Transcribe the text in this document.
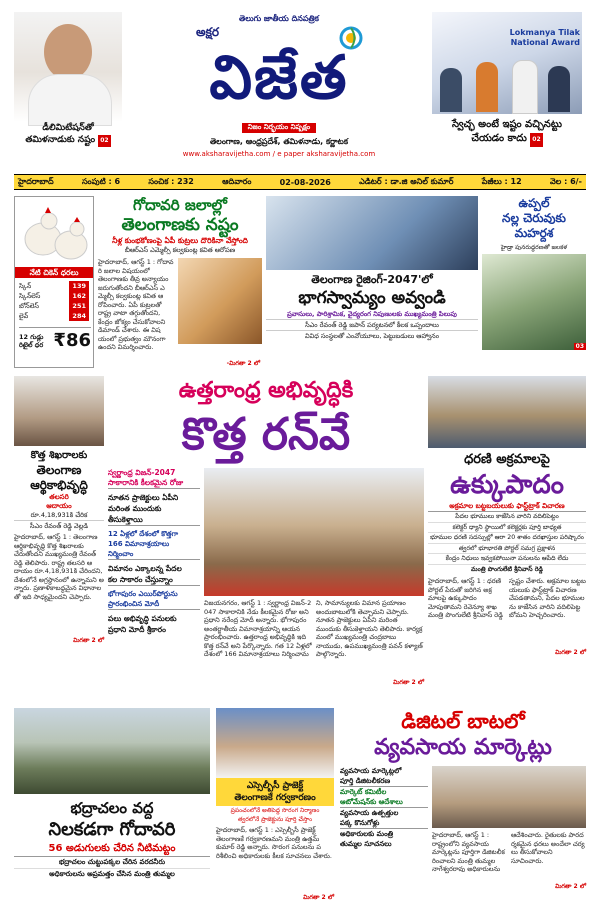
డీలిమిటేషన్‌తో
తమిళనాడుకు నష్టం 02
తెలుగు జాతీయ దినపత్రిక
అక్షర
విజేత
నిజం నిర్భయం నిష్పక్షం
తెలంగాణ, ఆంధ్రప్రదేశ్, తమిళనాడు, కర్ణాటక
www.aksharavijetha.com / e paper aksharavijetha.com
Lokmanya Tilak National Award
స్వేచ్ఛ అంటే ఇష్టం వచ్చినట్టు
చేయడం కాదు 02
హైదరాబాద్	సంపుటి : 6	సంచిక : 232	ఆదివారం	02-08-2026	ఎడిటర్ : డా.జి అనిల్ కుమార్	పేజీలు : 12	వెల : 6/-
నేటి చికెన్ ధరలు
స్కిన్	139
స్కిన్‌లెస్	162
బోన్‌లెస్	251
లైవ్	284
12 గుడ్లు
రిటైల్ ధర ₹86
గోదావరి జలాల్లో
తెలంగాణకు నష్టం
నీళ్ల కుంభకోణంపై ఏపీ కుట్రలు దొరికినా వేస్తోంది
బీఆర్ఎస్ ఎమ్మెల్సీ కల్వకుంట్ల కవిత ఆరోపణ
హైదరాబాద్, ఆగస్ట్ 1 : గోదావరి జలాల విషయంలో తెలంగాణకు తీవ్ర అన్యాయం జరుగుతోందని బీఆర్ఎస్ ఎమ్మెల్సీ కల్వకుంట్ల కవిత ఆరోపించారు. ఏపీ కుట్రలతో రాష్ట్ర వాటా తగ్గుతోందని, కేంద్రం జోక్యం చేసుకోవాలని డిమాండ్ చేశారు. ఈ విషయంలో ప్రభుత్వం మౌనంగా ఉందని విమర్శించారు.
-మిగతా 2 లో
తెలంగాణ రైజింగ్-2047'లో
భాగస్వామ్యం అవ్వండి
ప్రవాసులు, పారిశ్రామిక, వైద్యరంగ నిపుణులకు ముఖ్యమంత్రి పిలుపు
సీఎం రేవంత్ రెడ్డి జపాన్ పర్యటనలో కీలక ఒప్పందాలు
వివిధ సంస్థలతో ఎంవోయూలు, పెట్టుబడులు ఆహ్వానం
ఉప్పల్
నల్ల చెరువుకు
మహర్దశ
హైడ్రా పునరుద్ధరణతో జలకళ
03
కొత్త శిఖరాలకు
తెలంగాణ
ఆర్థికాభివృద్ధి
తలసరి
ఆదాయం
రూ.4,18,931కి చేరిక
సీఎం రేవంత్ రెడ్డి వెల్లడి
హైదరాబాద్, ఆగస్ట్ 1 : తెలంగాణ ఆర్థికాభివృద్ధి కొత్త శిఖరాలకు చేరుతోందని ముఖ్యమంత్రి రేవంత్ రెడ్డి తెలిపారు. రాష్ట్ర తలసరి ఆదాయం రూ.4,18,931కి చేరిందని, దేశంలోనే అగ్రస్థానంలో ఉన్నామని అన్నారు. ప్రణాళికాబద్ధమైన విధానాలతో ఇది సాధ్యమైందని చెప్పారు.
మిగతా 2 లో
ఉత్తరాంధ్ర అభివృద్ధికి
కొత్త రన్‌వే
స్వర్ణాంధ్ర విజన్-2047
సాకారానికి కీలకమైన రోజు
నూతన ప్రాజెక్టులు ఏపీని
మరింత ముందుకు
తీసుకెళ్తాయి
12 ఏళ్లలో దేశంలో కొత్తగా
166 విమానాశ్రయాలు
నిర్మించాం
విమానం ఎక్కాలన్న పేదల
కల సాకారం చేస్తున్నాం
భోగాపురం ఎయిర్‌పోర్టును
ప్రారంభించిన మోదీ
పలు అభివృద్ధి పనులకు
ప్రధాని మోదీ శ్రీకారం
విజయనగరం, ఆగస్ట్ 1 : స్వర్ణాంధ్ర విజన్-2047 సాకారానికి నేడు కీలకమైన రోజు అని ప్రధాని నరేంద్ర మోదీ అన్నారు. భోగాపురం అంతర్జాతీయ విమానాశ్రయాన్ని ఆయన ప్రారంభించారు. ఉత్తరాంధ్ర అభివృద్ధికి ఇది కొత్త రన్‌వే అని పేర్కొన్నారు. గత 12 ఏళ్లలో దేశంలో 166 విమానాశ్రయాలు నిర్మించామని, సామాన్యులకు విమాన ప్రయాణం అందుబాటులోకి తెచ్చామని చెప్పారు. నూతన ప్రాజెక్టులు ఏపీని మరింత ముందుకు తీసుకెళ్తాయని తెలిపారు. కార్యక్రమంలో ముఖ్యమంత్రి చంద్రబాబు నాయుడు, ఉపముఖ్యమంత్రి పవన్ కళ్యాణ్ పాల్గొన్నారు.
మిగతా 2 లో
ధరణి అక్రమాలపై
ఉక్కుపాదం
అక్రమాల బట్టబయలుకు ఫాస్ట్‌ట్రాక్ విచారణ
పేదల భూములు కాజేసిన వారిని వదిలిపెట్టం
కలెక్టర్ ధ్యాని స్థాయిలో కలెక్టర్లకు పూర్తి బాధ్యత
భూముల ధరణి సదస్సుల్లో ఆరా 20 శాతం దరఖాస్తుల పరిష్కారం
త్వరలో భూభారతి పోర్టల్ సమగ్ర ప్రక్షాళన
కేంద్రం నిధులు ఇవ్వకపోయినా పనులను ఆపేది లేదు
మంత్రి పొంగులేటి శ్రీనివాస్ రెడ్డి
హైదరాబాద్, ఆగస్ట్ 1 : ధరణి పోర్టల్ పేరుతో జరిగిన అక్రమాలపై ఉక్కుపాదం మోపుతామని రెవెన్యూ శాఖ మంత్రి పొంగులేటి శ్రీనివాస్ రెడ్డి స్పష్టం చేశారు. అక్రమాల బట్టబయలుకు ఫాస్ట్‌ట్రాక్ విచారణ చేపడతామని, పేదల భూములను కాజేసిన వారిని వదిలిపెట్టబోమని హెచ్చరించారు.
మిగతా 2 లో
భద్రాచలం వద్ద
నిలకడగా గోదావరి
56 అడుగులకు చేరిన నీటిమట్టం
భద్రాచలం చుట్టుపక్కల చేరిన వరదనీరు
అధికారులను అప్రమత్తం చేసిన మంత్రి తుమ్మల
ఎస్సెల్బీసీ ప్రాజెక్ట్
తెలంగాణకే గర్వకారణం
ప్రపంచంలోనే అతిపెద్ద సొరంగ నిర్మాణం
త్వరలోనే ప్రాజెక్టును పూర్తి చేస్తాం
హైదరాబాద్, ఆగస్ట్ 1 : ఎస్సెల్బీసీ ప్రాజెక్ట్ తెలంగాణకే గర్వకారణమని మంత్రి ఉత్తమ్ కుమార్ రెడ్డి అన్నారు. సొరంగ పనులను పరిశీలించి అధికారులకు కీలక సూచనలు చేశారు.
మిగతా 2 లో
డిజిటల్ బాటలో
వ్యవసాయ మార్కెట్లు
వ్యవసాయ మార్కెట్లలో
పూర్తి డిజిటలీకరణ
మార్కెట్ కమిటీల
ఆటోమేషన్‌కు ఆదేశాలు
వ్యవసాయ ఉత్పత్తుల
పక్క కొనుగోళ్లు
అధికారులకు మంత్రి
తుమ్మల సూచనలు
హైదరాబాద్, ఆగస్ట్ 1 : రాష్ట్రంలోని వ్యవసాయ మార్కెట్లను పూర్తిగా డిజిటలీకరించాలని మంత్రి తుమ్మల నాగేశ్వరరావు అధికారులను ఆదేశించారు. రైతులకు పారదర్శకమైన ధరలు అందేలా చర్యలు తీసుకోవాలని సూచించారు.
మిగతా 2 లో
